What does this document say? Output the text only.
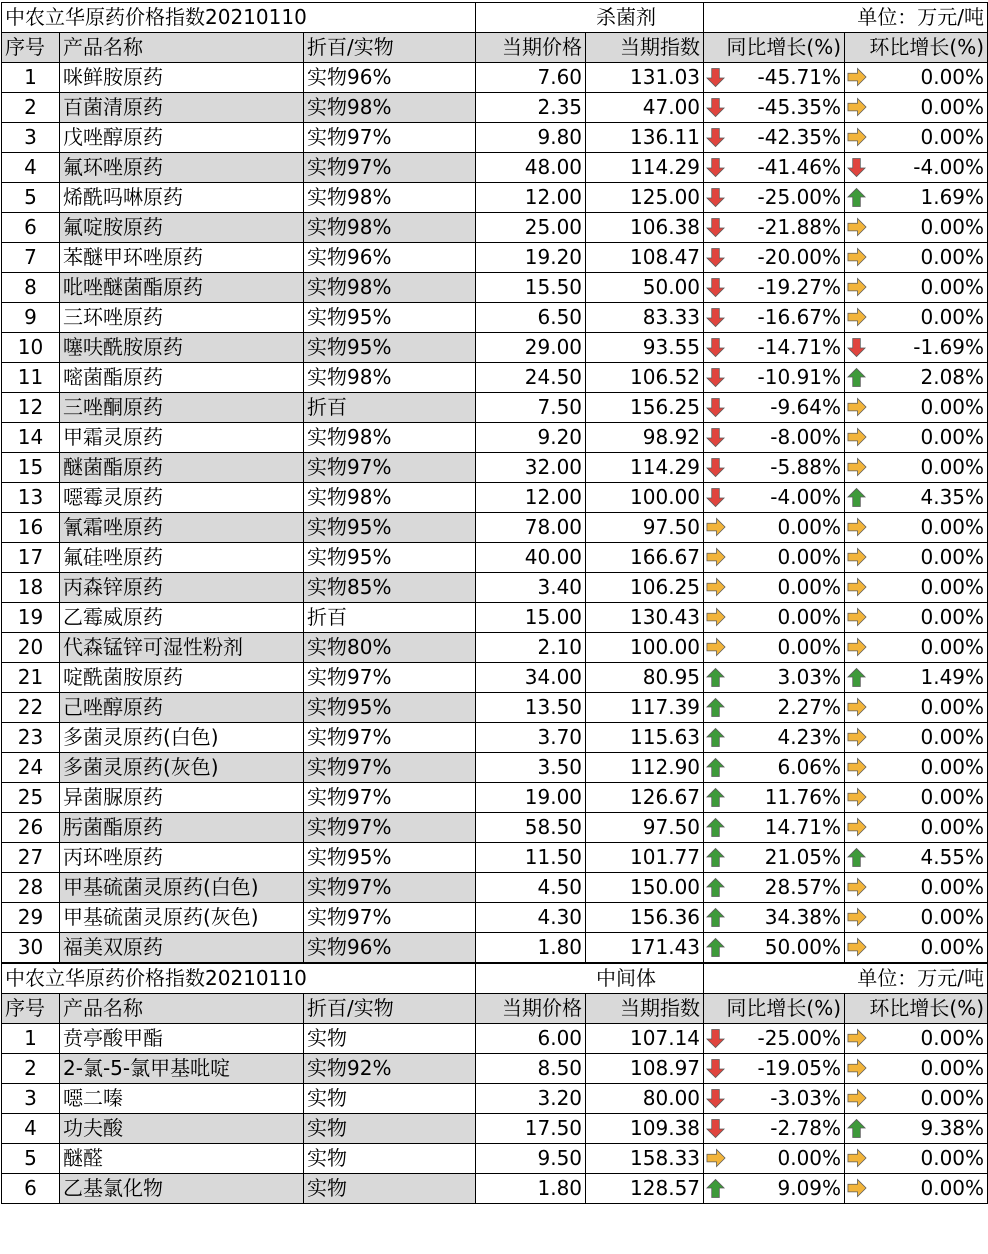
中农立华原药价格指数20210110			杀菌剂		单位：万元/吨	
序号	产品名称	折百/实物	当期价格	当期指数	同比增长(%)	环比增长(%)
1	咪鲜胺原药	实物96%	7.60	131.03	-45.71%	0.00%
2	百菌清原药	实物98%	2.35	47.00	-45.35%	0.00%
3	戊唑醇原药	实物97%	9.80	136.11	-42.35%	0.00%
4	氟环唑原药	实物97%	48.00	114.29	-41.46%	-4.00%
5	烯酰吗啉原药	实物98%	12.00	125.00	-25.00%	1.69%
6	氟啶胺原药	实物98%	25.00	106.38	-21.88%	0.00%
7	苯醚甲环唑原药	实物96%	19.20	108.47	-20.00%	0.00%
8	吡唑醚菌酯原药	实物98%	15.50	50.00	-19.27%	0.00%
9	三环唑原药	实物95%	6.50	83.33	-16.67%	0.00%
10	噻呋酰胺原药	实物95%	29.00	93.55	-14.71%	-1.69%
11	嘧菌酯原药	实物98%	24.50	106.52	-10.91%	2.08%
12	三唑酮原药	折百	7.50	156.25	-9.64%	0.00%
14	甲霜灵原药	实物98%	9.20	98.92	-8.00%	0.00%
15	醚菌酯原药	实物97%	32.00	114.29	-5.88%	0.00%
13	噁霉灵原药	实物98%	12.00	100.00	-4.00%	4.35%
16	氰霜唑原药	实物95%	78.00	97.50	0.00%	0.00%
17	氟硅唑原药	实物95%	40.00	166.67	0.00%	0.00%
18	丙森锌原药	实物85%	3.40	106.25	0.00%	0.00%
19	乙霉威原药	折百	15.00	130.43	0.00%	0.00%
20	代森锰锌可湿性粉剂	实物80%	2.10	100.00	0.00%	0.00%
21	啶酰菌胺原药	实物97%	34.00	80.95	3.03%	1.49%
22	己唑醇原药	实物95%	13.50	117.39	2.27%	0.00%
23	多菌灵原药(白色)	实物97%	3.70	115.63	4.23%	0.00%
24	多菌灵原药(灰色)	实物97%	3.50	112.90	6.06%	0.00%
25	异菌脲原药	实物97%	19.00	126.67	11.76%	0.00%
26	肟菌酯原药	实物97%	58.50	97.50	14.71%	0.00%
27	丙环唑原药	实物95%	11.50	101.77	21.05%	4.55%
28	甲基硫菌灵原药(白色)	实物97%	4.50	150.00	28.57%	0.00%
29	甲基硫菌灵原药(灰色)	实物97%	4.30	156.36	34.38%	0.00%
30	福美双原药	实物96%	1.80	171.43	50.00%	0.00%
中农立华原药价格指数20210110			中间体		单位：万元/吨	
序号	产品名称	折百/实物	当期价格	当期指数	同比增长(%)	环比增长(%)
1	贲亭酸甲酯	实物	6.00	107.14	-25.00%	0.00%
2	2-氯-5-氯甲基吡啶	实物92%	8.50	108.97	-19.05%	0.00%
3	噁二嗪	实物	3.20	80.00	-3.03%	0.00%
4	功夫酸	实物	17.50	109.38	-2.78%	9.38%
5	醚醛	实物	9.50	158.33	0.00%	0.00%
6	乙基氯化物	实物	1.80	128.57	9.09%	0.00%
